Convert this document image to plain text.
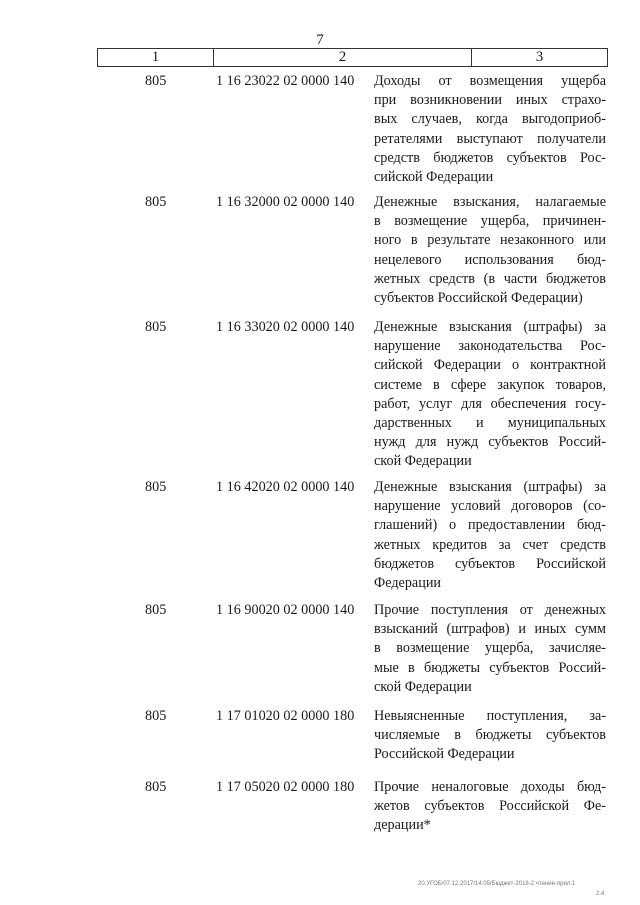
7
1	2	3
805	1 16 23022 02 0000 140 Доходы от возмещения ущерба
при возникновении иных страхо-
вых случаев, когда выгодоприоб-
ретателями выступают получатели
средств бюджетов субъектов Рос-
сийской Федерации
805	1 16 32000 02 0000 140 Денежные взыскания, налагаемые
в возмещение ущерба, причинен-
ного в результате незаконного или
нецелевого использования бюд-
жетных средств (в части бюджетов
субъектов Российской Федерации)
805	1 16 33020 02 0000 140 Денежные взыскания (штрафы) за
нарушение законодательства Рос-
сийской Федерации о контрактной
системе в сфере закупок товаров,
работ, услуг для обеспечения госу-
дарственных и муниципальных
нужд для нужд субъектов Россий-
ской Федерации
805	1 16 42020 02 0000 140 Денежные взыскания (штрафы) за
нарушение условий договоров (со-
глашений) о предоставлении бюд-
жетных кредитов за счет средств
бюджетов субъектов Российской
Федерации
805	1 16 90020 02 0000 140 Прочие поступления от денежных
взысканий (штрафов) и иных сумм
в возмещение ущерба, зачисляе-
мые в бюджеты субъектов Россий-
ской Федерации
805	1 17 01020 02 0000 180 Невыясненные поступления, за-
числяемые в бюджеты субъектов
Российской Федерации
805	1 17 05020 02 0000 180 Прочие неналоговые доходы бюд-
жетов субъектов Российской Фе-
дерации*
20.УГОБ/07.12.2017/14:05/Бюджет-2018-2 чтение-прил.1
2.4
